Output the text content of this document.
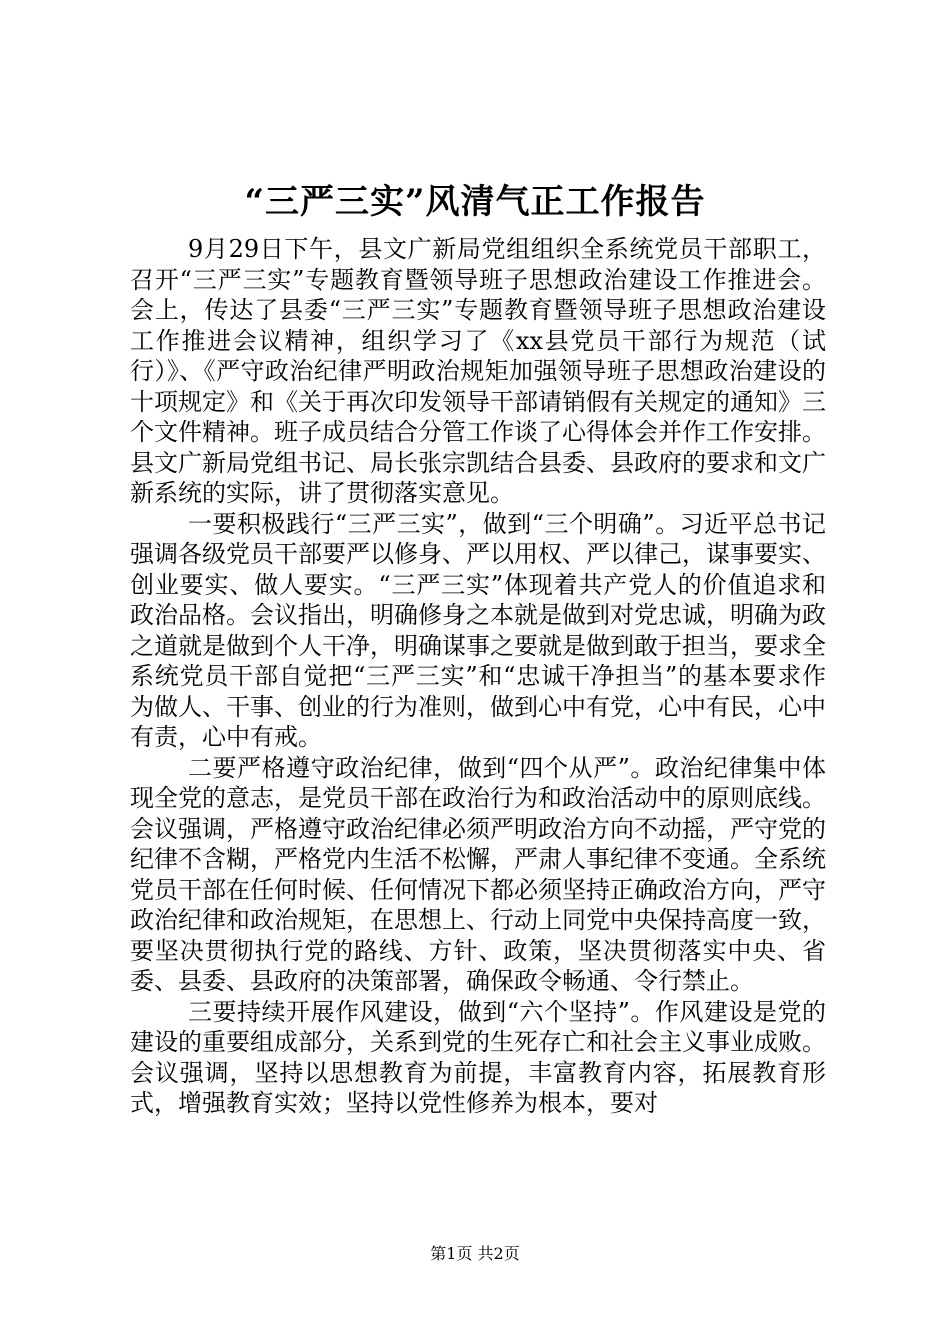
“三严三实”风清气正工作报告

9月29日下午，县文广新局党组组织全系统党员干部职工，召开“三严三实”专题教育暨领导班子思想政治建设工作推进会。会上，传达了县委“三严三实”专题教育暨领导班子思想政治建设工作推进会议精神，组织学习了《xx县党员干部行为规范（试行）》、《严守政治纪律严明政治规矩加强领导班子思想政治建设的十项规定》和《关于再次印发领导干部请销假有关规定的通知》三个文件精神。班子成员结合分管工作谈了心得体会并作工作安排。县文广新局党组书记、局长张宗凯结合县委、县政府的要求和文广新系统的实际，讲了贯彻落实意见。

一要积极践行“三严三实”，做到“三个明确”。习近平总书记强调各级党员干部要严以修身、严以用权、严以律己，谋事要实、创业要实、做人要实。“三严三实”体现着共产党人的价值追求和政治品格。会议指出，明确修身之本就是做到对党忠诚，明确为政之道就是做到个人干净，明确谋事之要就是做到敢于担当，要求全系统党员干部自觉把“三严三实”和“忠诚干净担当”的基本要求作为做人、干事、创业的行为准则，做到心中有党，心中有民，心中有责，心中有戒。

二要严格遵守政治纪律，做到“四个从严”。政治纪律集中体现全党的意志，是党员干部在政治行为和政治活动中的原则底线。会议强调，严格遵守政治纪律必须严明政治方向不动摇，严守党的纪律不含糊，严格党内生活不松懈，严肃人事纪律不变通。全系统党员干部在任何时候、任何情况下都必须坚持正确政治方向，严守政治纪律和政治规矩，在思想上、行动上同党中央保持高度一致，要坚决贯彻执行党的路线、方针、政策，坚决贯彻落实中央、省委、县委、县政府的决策部署，确保政令畅通、令行禁止。

三要持续开展作风建设，做到“六个坚持”。作风建设是党的建设的重要组成部分，关系到党的生死存亡和社会主义事业成败。会议强调，坚持以思想教育为前提，丰富教育内容，拓展教育形式，增强教育实效；坚持以党性修养为根本，要对

第1页 共2页
